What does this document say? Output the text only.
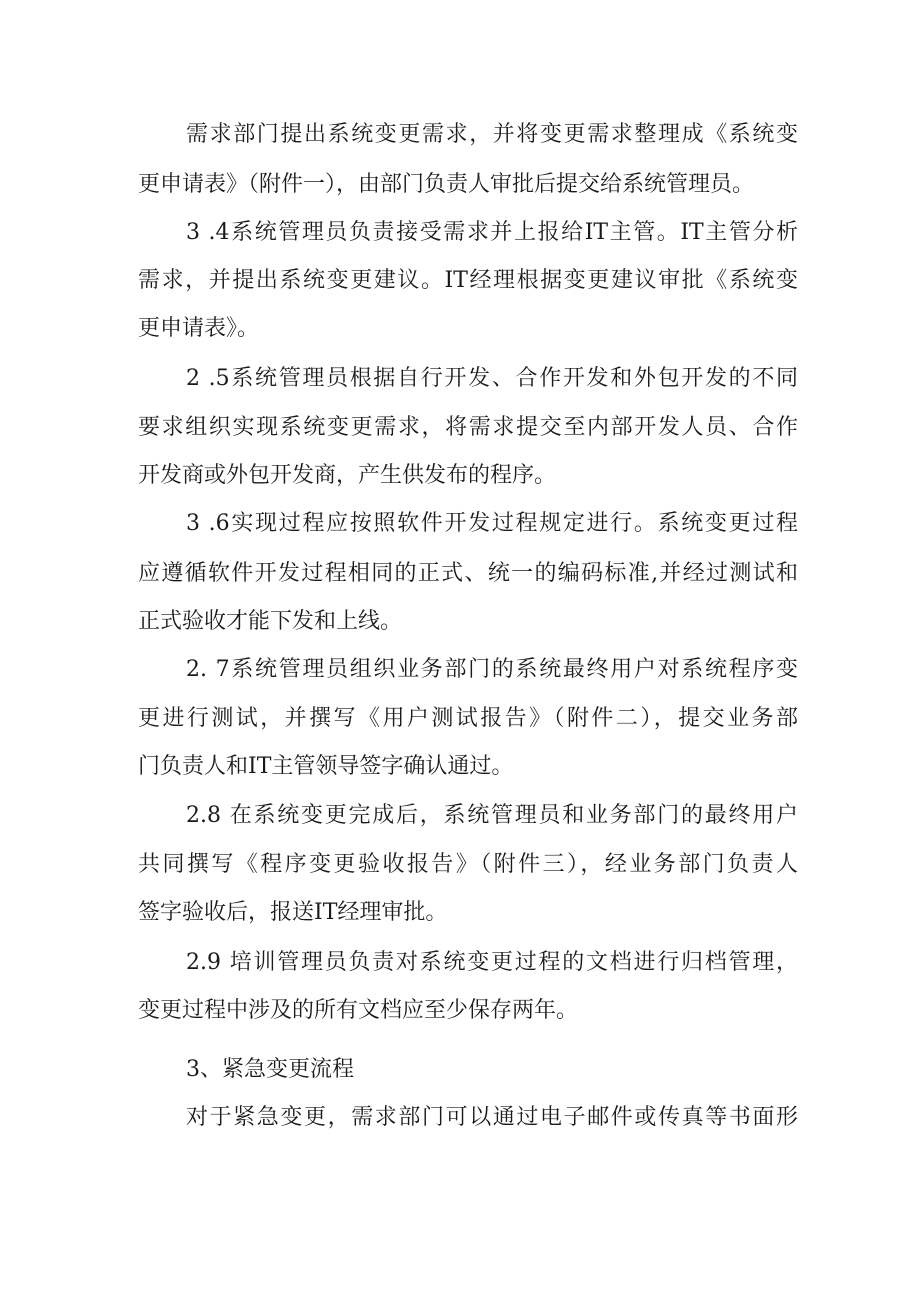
需求部门提出系统变更需求，并将变更需求整理成《系统变
更申请表》（附件一），由部门负责人审批后提交给系统管理员。
3 .4系统管理员负责接受需求并上报给IT主管。IT主管分析
需求，并提出系统变更建议。IT经理根据变更建议审批《系统变
更申请表》。
2 .5系统管理员根据自行开发、合作开发和外包开发的不同
要求组织实现系统变更需求，将需求提交至内部开发人员、合作
开发商或外包开发商，产生供发布的程序。
3 .6实现过程应按照软件开发过程规定进行。系统变更过程
应遵循软件开发过程相同的正式、统一的编码标准,并经过测试和
正式验收才能下发和上线。
2. 7系统管理员组织业务部门的系统最终用户对系统程序变
更进行测试，并撰写《用户测试报告》（附件二），提交业务部
门负责人和IT主管领导签字确认通过。
2.8 在系统变更完成后，系统管理员和业务部门的最终用户
共同撰写《程序变更验收报告》（附件三），经业务部门负责人
签字验收后，报送IT经理审批。
2.9 培训管理员负责对系统变更过程的文档进行归档管理，
变更过程中涉及的所有文档应至少保存两年。
3、紧急变更流程
对于紧急变更，需求部门可以通过电子邮件或传真等书面形
